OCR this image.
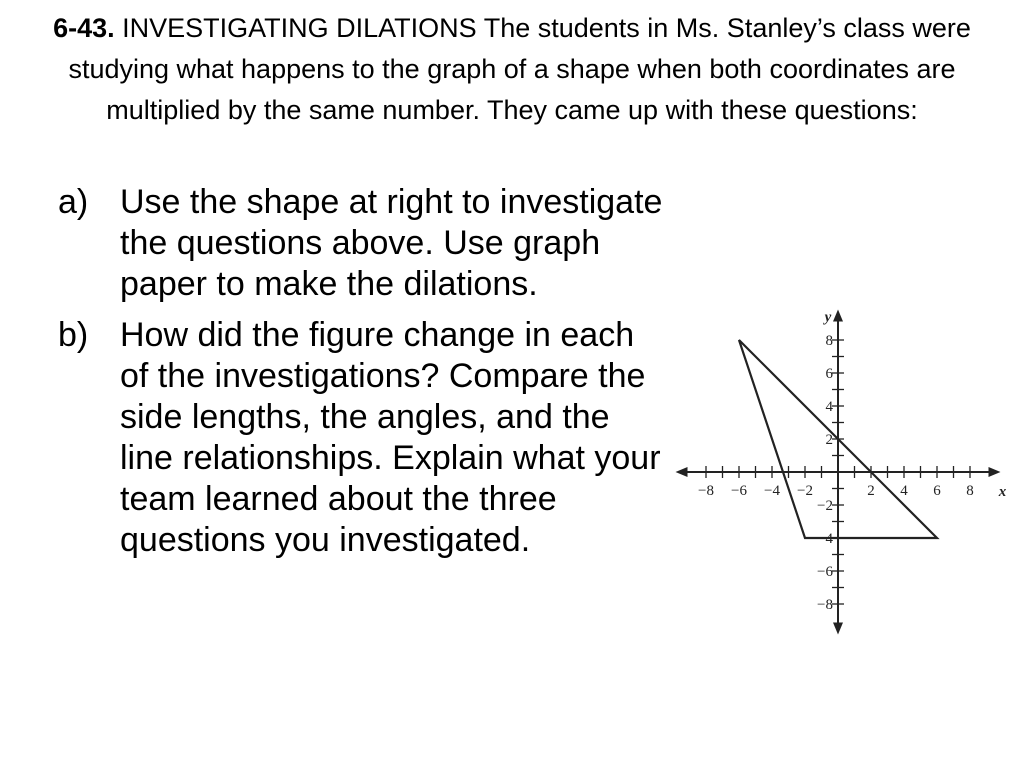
6-43. INVESTIGATING DILATIONS The students in Ms. Stanley’s class were studying what happens to the graph of a shape when both coordinates are multiplied by the same number. They came up with these questions:
a) Use the shape at right to investigate the questions above. Use graph paper to make the dilations.
b) How did the figure change in each of the investigations? Compare the side lengths, the angles, and the line relationships. Explain what your team learned about the three questions you investigated.
−8 −6 −4 −2	2 4 6 8
8
6
4
2
−2
−4
−6
−8
x
y
